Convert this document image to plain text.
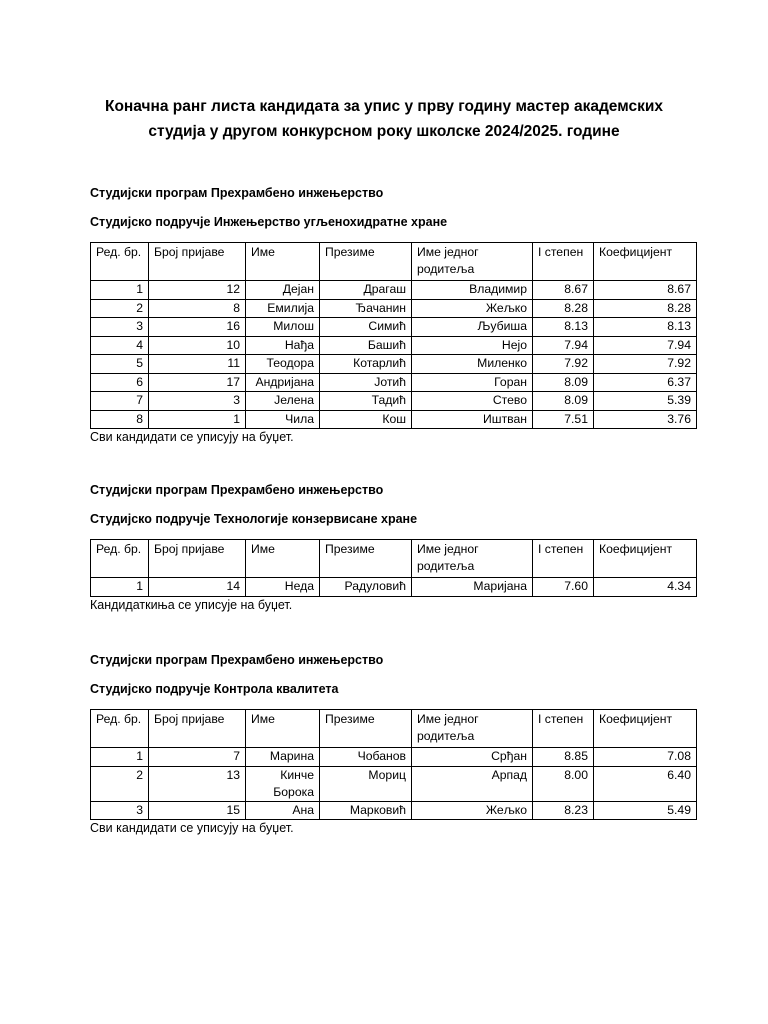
Коначна ранг листа кандидата за упис у прву годину мастер академских
студија у другом конкурсном року школске 2024/2025. године
Студијски програм Прехрамбено инжењерство
Студијско подручје Инжењерство угљенохидратне хране
Ред. бр.	Број пријаве	Име	Презиме	Име једног родитеља	I степен	Коефицијент
1	12	Дејан	Драгаш	Владимир	8.67	8.67
2	8	Емилија	Ђачанин	Жељко	8.28	8.28
3	16	Милош	Симић	Љубиша	8.13	8.13
4	10	Нађа	Башић	Нејо	7.94	7.94
5	11	Теодора	Котарлић	Миленко	7.92	7.92
6	17	Андријана	Јотић	Горан	8.09	6.37
7	3	Јелена	Тадић	Стево	8.09	5.39
8	1	Чила	Кош	Иштван	7.51	3.76
Сви кандидати се уписују на буџет.
Студијски програм Прехрамбено инжењерство
Студијско подручје Технологије конзервисане хране
Ред. бр.	Број пријаве	Име	Презиме	Име једног родитеља	I степен	Коефицијент
1	14	Неда	Радуловић	Маријана	7.60	4.34
Кандидаткиња се уписује на буџет.
Студијски програм Прехрамбено инжењерство
Студијско подручје Контрола квалитета
Ред. бр.	Број пријаве	Име	Презиме	Име једног родитеља	I степен	Коефицијент
1	7	Марина	Чобанов	Срђан	8.85	7.08
2	13	Кинче Борока	Мориц	Арпад	8.00	6.40
3	15	Ана	Марковић	Жељко	8.23	5.49
Сви кандидати се уписују на буџет.
